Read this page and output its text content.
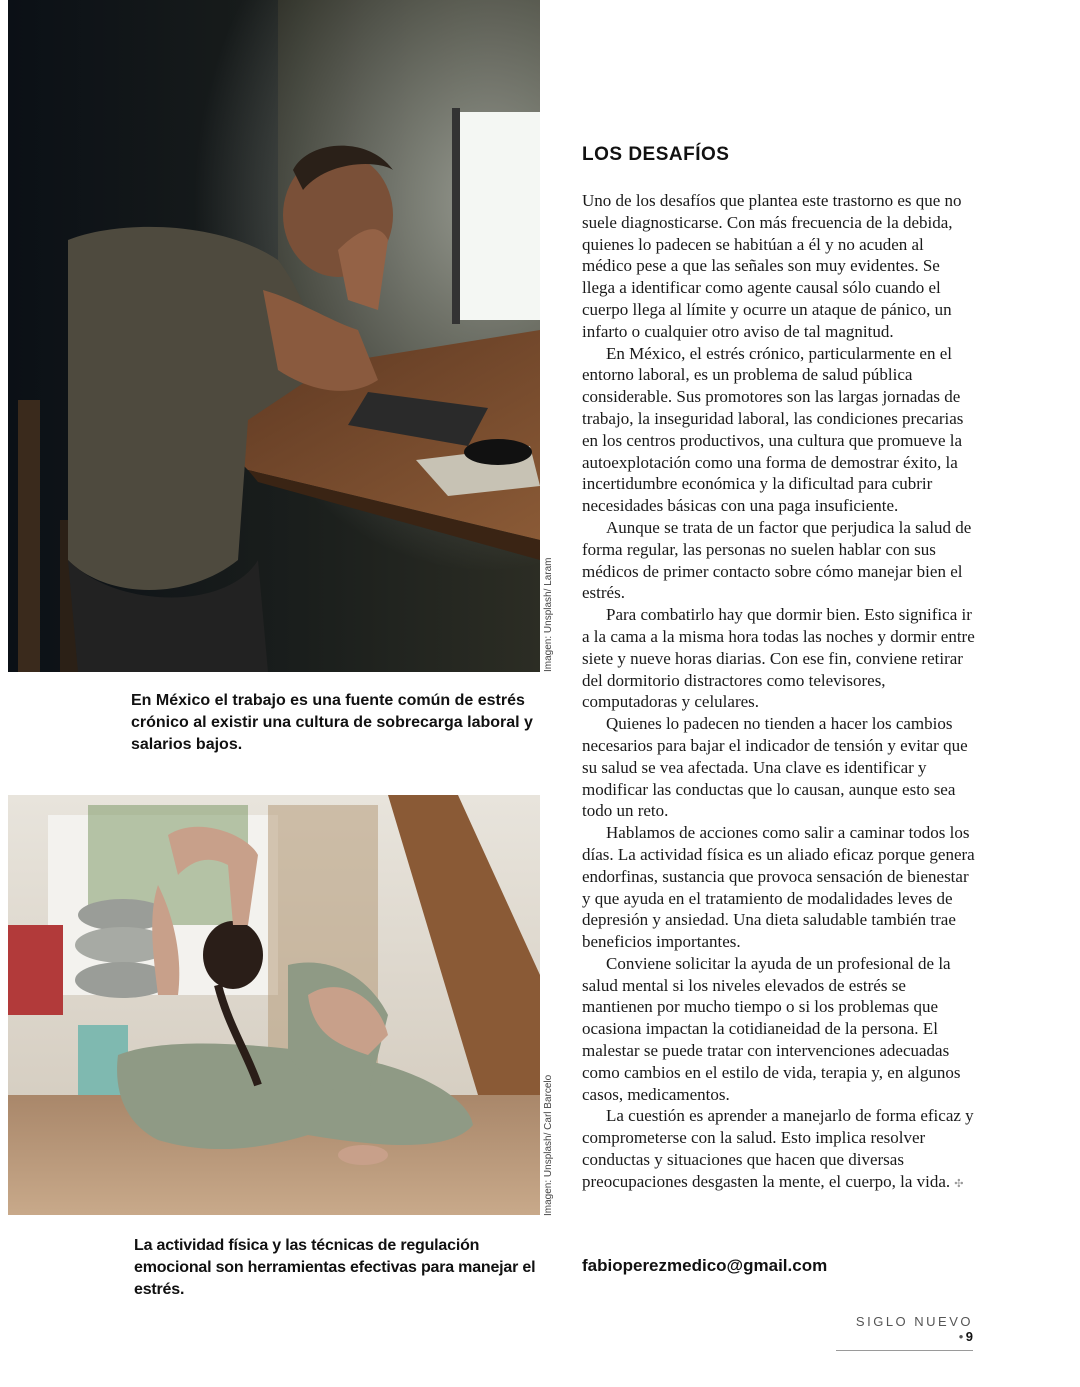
Imagen: Unsplash/ Laram

En México el trabajo es una fuente común de estrés crónico al existir una cultura de sobrecarga laboral y salarios bajos.

Imagen: Unsplash/ Carl Barcelo

La actividad física y las técnicas de regulación emocional son herramientas efectivas para manejar el estrés.

LOS DESAFÍOS

Uno de los desafíos que plantea este trastorno es que no suele diagnosticarse. Con más frecuencia de la debida, quienes lo padecen se habitúan a él y no acuden al médico pese a que las señales son muy evidentes. Se llega a identificar como agente causal sólo cuando el cuerpo llega al límite y ocurre un ataque de pánico, un infarto o cualquier otro aviso de tal magnitud.

En México, el estrés crónico, particularmente en el entorno laboral, es un problema de salud pública considerable. Sus promotores son las largas jornadas de trabajo, la inseguridad laboral, las condiciones precarias en los centros productivos, una cultura que promueve la autoexplotación como una forma de demostrar éxito, la incertidumbre económica y la dificultad para cubrir necesidades básicas con una paga insuficiente.

Aunque se trata de un factor que perjudica la salud de forma regular, las personas no suelen hablar con sus médicos de primer contacto sobre cómo manejar bien el estrés.

Para combatirlo hay que dormir bien. Esto significa ir a la cama a la misma hora todas las noches y dormir entre siete y nueve horas diarias. Con ese fin, conviene retirar del dormitorio distractores como televisores, computadoras y celulares.

Quienes lo padecen no tienden a hacer los cambios necesarios para bajar el indicador de tensión y evitar que su salud se vea afectada. Una clave es identificar y modificar las conductas que lo causan, aunque esto sea todo un reto.

Hablamos de acciones como salir a caminar todos los días. La actividad física es un aliado eficaz porque genera endorfinas, sustancia que provoca sensación de bienestar y que ayuda en el tratamiento de modalidades leves de depresión y ansiedad. Una dieta saludable también trae beneficios importantes.

Conviene solicitar la ayuda de un profesional de la salud mental si los niveles elevados de estrés se mantienen por mucho tiempo o si los problemas que ocasiona impactan la cotidianeidad de la persona. El malestar se puede tratar con intervenciones adecuadas como cambios en el estilo de vida, terapia y, en algunos casos, medicamentos.

La cuestión es aprender a manejarlo de forma eficaz y comprometerse con la salud. Esto implica resolver conductas y situaciones que hacen que diversas preocupaciones desgasten la mente, el cuerpo, la vida. ✣

fabioperezmedico@gmail.com
SIGLO NUEVO •9
